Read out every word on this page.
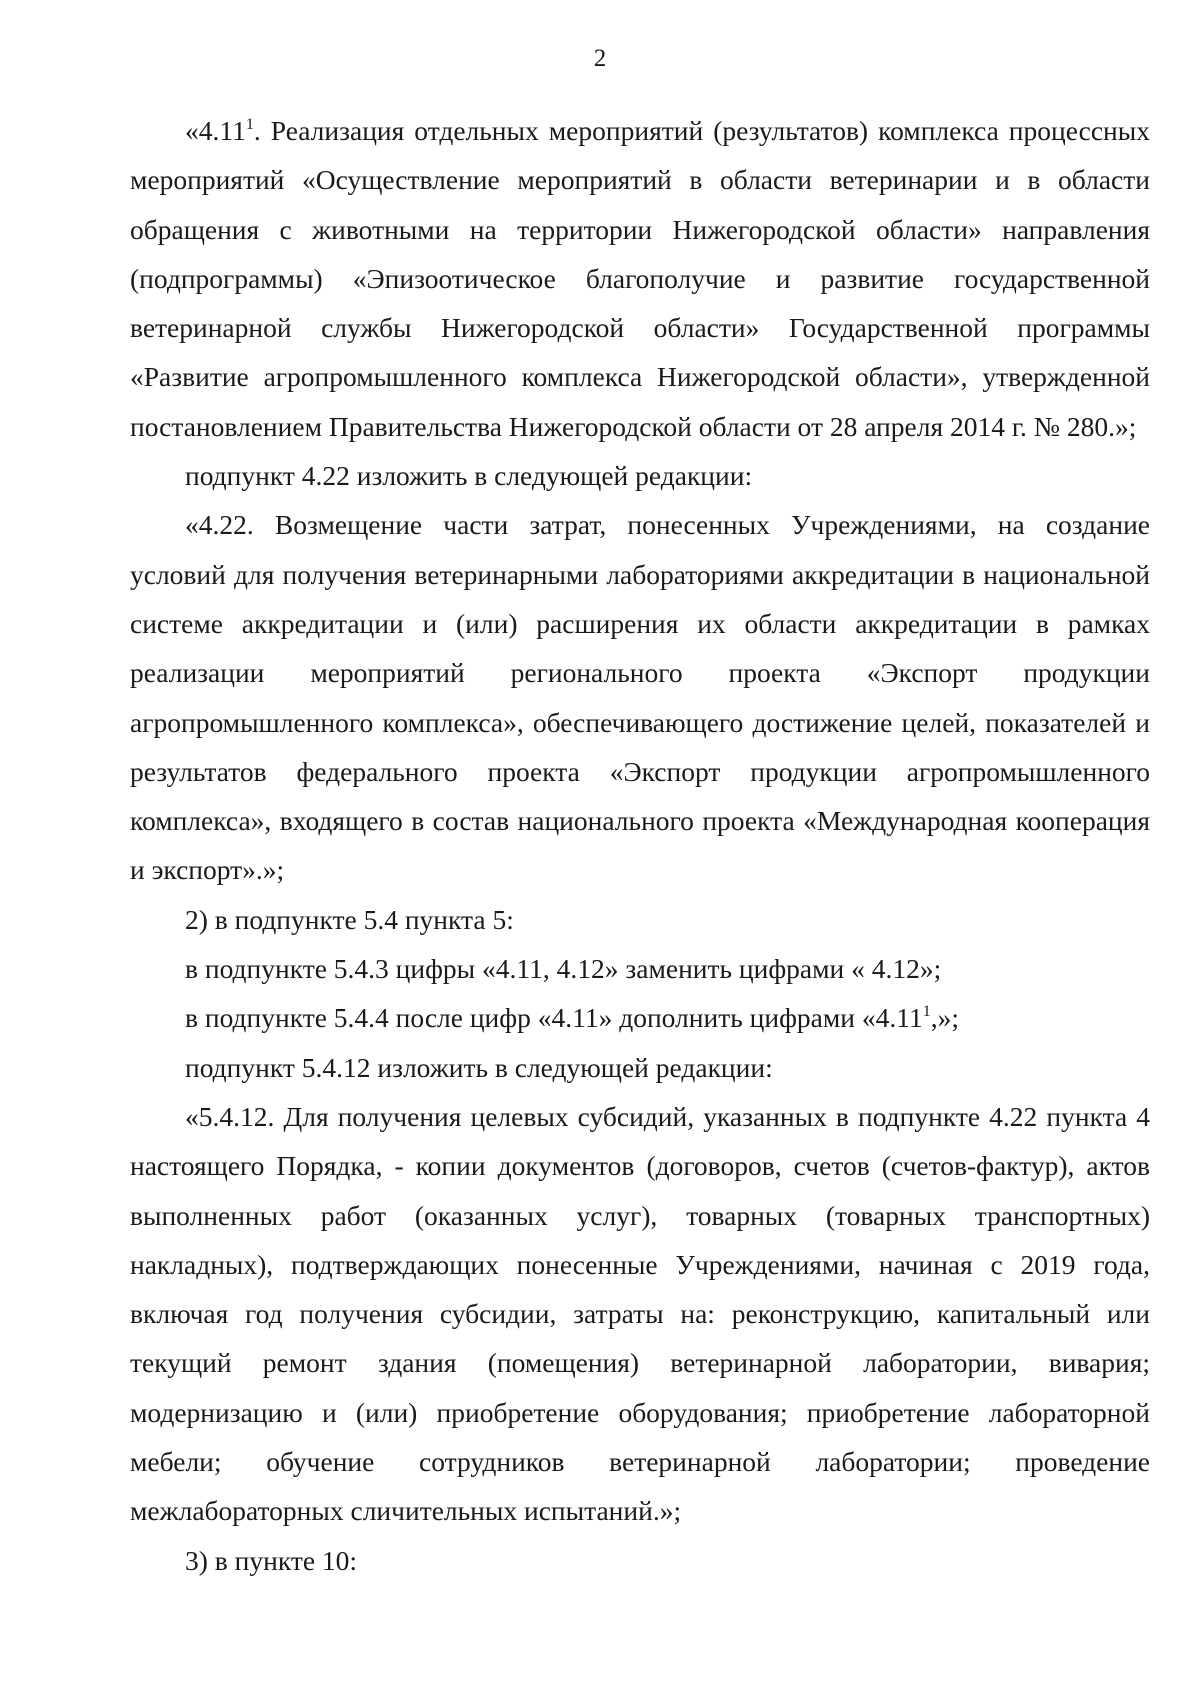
2

«4.11$^1$. Реализация отдельных мероприятий (результатов) комплекса процессных мероприятий «Осуществление мероприятий в области ветеринарии и в области обращения с животными на территории Нижегородской области» направления (подпрограммы) «Эпизоотическое благополучие и развитие государственной ветеринарной службы Нижегородской области» Государственной программы «Развитие агропромышленного комплекса Нижегородской области», утвержденной постановлением Правительства Нижегородской области от 28 апреля 2014 г. № 280.»;

подпункт 4.22 изложить в следующей редакции:

«4.22. Возмещение части затрат, понесенных Учреждениями, на создание условий для получения ветеринарными лабораториями аккредитации в национальной системе аккредитации и (или) расширения их области аккредитации в рамках реализации мероприятий регионального проекта «Экспорт продукции агропромышленного комплекса», обеспечивающего достижение целей, показателей и результатов федерального проекта «Экспорт продукции агропромышленного комплекса», входящего в состав национального проекта «Международная кооперация и экспорт».»;

2) в подпункте 5.4 пункта 5:

в подпункте 5.4.3 цифры «4.11, 4.12» заменить цифрами « 4.12»;

в подпункте 5.4.4 после цифр «4.11» дополнить цифрами «4.11$^1$,»;

подпункт 5.4.12 изложить в следующей редакции:

«5.4.12. Для получения целевых субсидий, указанных в подпункте 4.22 пункта 4 настоящего Порядка, - копии документов (договоров, счетов (счетов-фактур), актов выполненных работ (оказанных услуг), товарных (товарных транспортных) накладных), подтверждающих понесенные Учреждениями, начиная с 2019 года, включая год получения субсидии, затраты на: реконструкцию, капитальный или текущий ремонт здания (помещения) ветеринарной лаборатории, вивария; модернизацию и (или) приобретение оборудования; приобретение лабораторной мебели; обучение сотрудников ветеринарной лаборатории; проведение межлабораторных сличительных испытаний.»;

3) в пункте 10:
